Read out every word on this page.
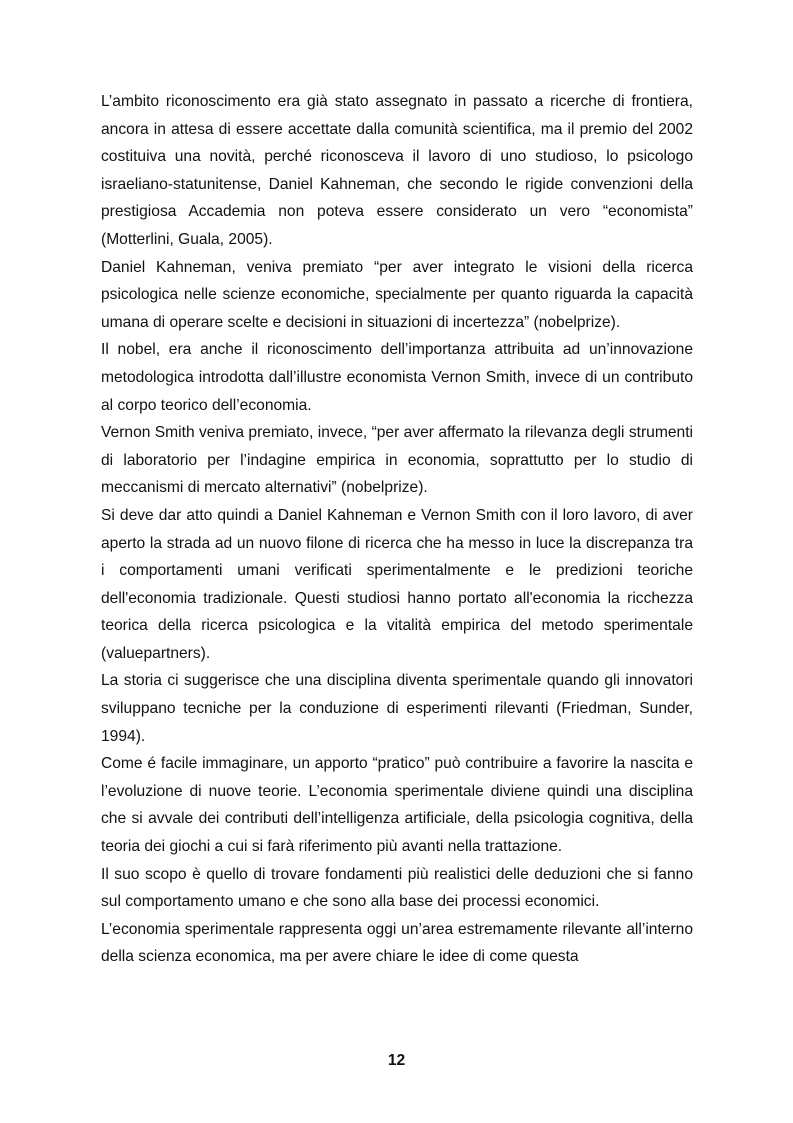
L’ambito riconoscimento era già stato assegnato in passato a ricerche di frontiera, ancora in attesa di essere accettate dalla comunità scientifica, ma il premio del 2002 costituiva una novità, perché riconosceva il lavoro di uno studioso, lo psicologo israeliano-statunitense, Daniel Kahneman, che secondo le rigide convenzioni della prestigiosa Accademia non poteva essere considerato un vero “economista” (Motterlini, Guala, 2005).

Daniel Kahneman, veniva premiato “per aver integrato le visioni della ricerca psicologica nelle scienze economiche, specialmente per quanto riguarda la capacità umana di operare scelte e decisioni in situazioni di incertezza” (nobelprize).

Il nobel, era anche il riconoscimento dell’importanza attribuita ad un’innovazione metodologica introdotta dall’illustre economista Vernon Smith, invece di un contributo al corpo teorico dell’economia.

Vernon Smith veniva premiato, invece, “per aver affermato la rilevanza degli strumenti di laboratorio per l’indagine empirica in economia, soprattutto per lo studio di meccanismi di mercato alternativi” (nobelprize).

Si deve dar atto quindi a Daniel Kahneman e Vernon Smith con il loro lavoro, di aver aperto la strada ad un nuovo filone di ricerca che ha messo in luce la discrepanza tra i comportamenti umani verificati sperimentalmente e le predizioni teoriche dell'economia tradizionale. Questi studiosi hanno portato all'economia la ricchezza teorica della ricerca psicologica e la vitalità empirica del metodo sperimentale (valuepartners).

La storia ci suggerisce che una disciplina diventa sperimentale quando gli innovatori sviluppano tecniche per la conduzione di esperimenti rilevanti (Friedman, Sunder, 1994).

Come é facile immaginare, un apporto “pratico” può contribuire a favorire la nascita e l’evoluzione di nuove teorie. L’economia sperimentale diviene quindi una disciplina che si avvale dei contributi dell’intelligenza artificiale, della psicologia cognitiva, della teoria dei giochi a cui si farà riferimento più avanti nella trattazione.

Il suo scopo è quello di trovare fondamenti più realistici delle deduzioni che si fanno sul comportamento umano e che sono alla base dei processi economici.

L’economia sperimentale rappresenta oggi un’area estremamente rilevante all’interno della scienza economica, ma per avere chiare le idee di come questa

12
